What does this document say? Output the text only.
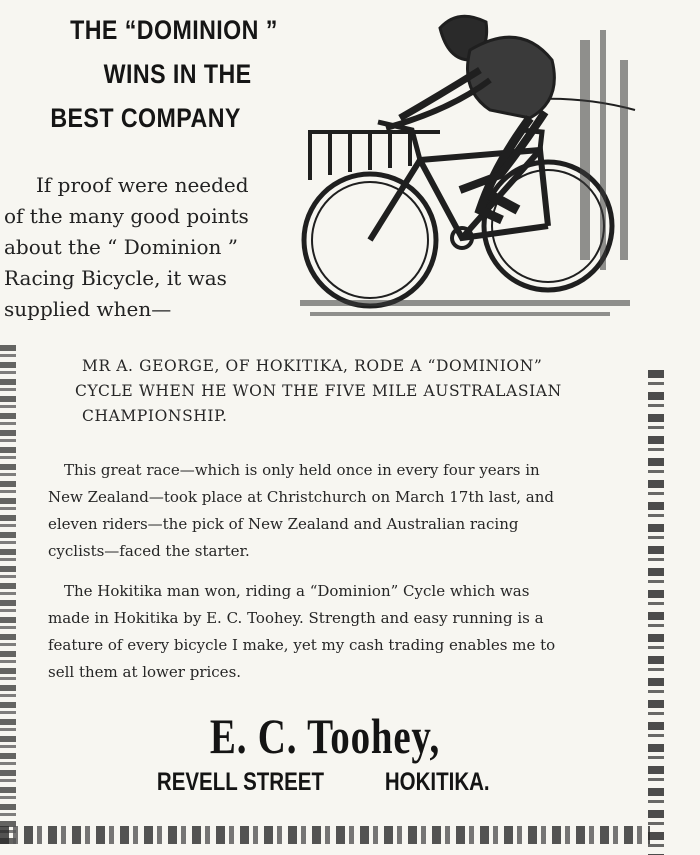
THE “DOMINION ”
WINS IN THE
BEST COMPANY
If proof were needed
of the many good points
about the “ Dominion ”
Racing Bicycle, it was
supplied when—
MR A. GEORGE, OF HOKITIKA, RODE A “DOMINION”
CYCLE WHEN HE WON THE FIVE MILE AUSTRALASIAN
CHAMPIONSHIP.
This great race—which is only held once in every four years in
New Zealand—took place at Christchurch on March 17th last, and
eleven riders—the pick of New Zealand and Australian racing
cyclists—faced the starter.
The Hokitika man won, riding a “Dominion” Cycle which was
made in Hokitika by E. C. Toohey. Strength and easy running is a
feature of every bicycle I make, yet my cash trading enables me to
sell them at lower prices.
E. C. Toohey,
REVELL STREET HOKITIKA.
